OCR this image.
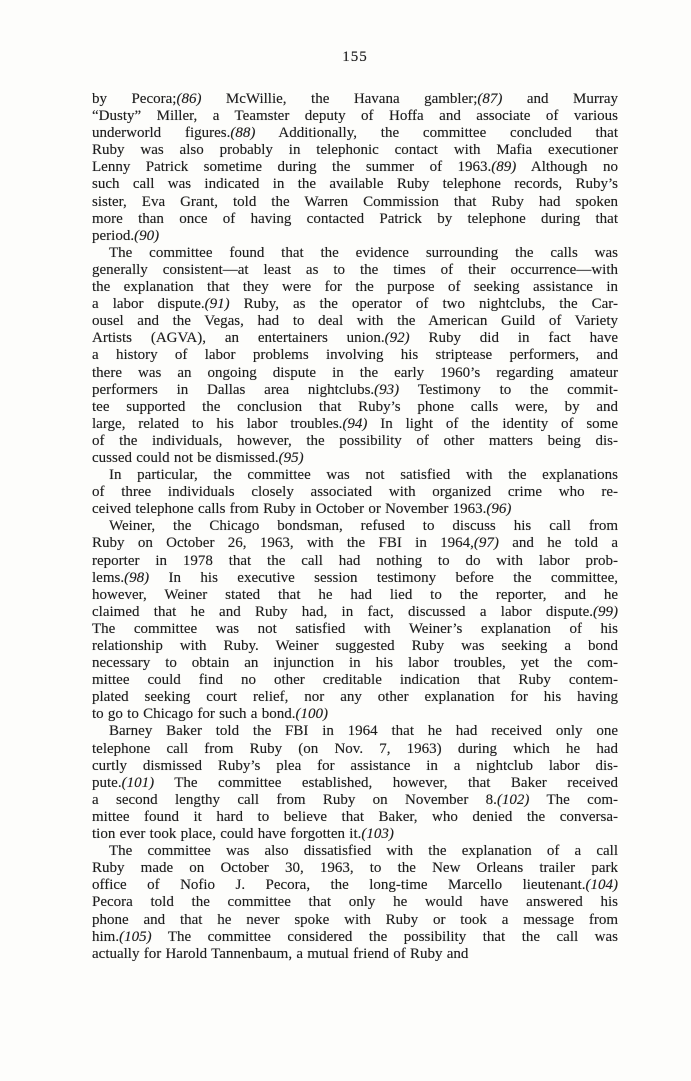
155
by Pecora;(86) McWillie, the Havana gambler;(87) and Murray
“Dusty” Miller, a Teamster deputy of Hoffa and associate of various
underworld figures.(88) Additionally, the committee concluded that
Ruby was also probably in telephonic contact with Mafia executioner
Lenny Patrick sometime during the summer of 1963.(89) Although no
such call was indicated in the available Ruby telephone records, Ruby’s
sister, Eva Grant, told the Warren Commission that Ruby had spoken
more than once of having contacted Patrick by telephone during that
period.(90)
The committee found that the evidence surrounding the calls was
generally consistent—at least as to the times of their occurrence—with
the explanation that they were for the purpose of seeking assistance in
a labor dispute.(91) Ruby, as the operator of two nightclubs, the Car-
ousel and the Vegas, had to deal with the American Guild of Variety
Artists (AGVA), an entertainers union.(92) Ruby did in fact have
a history of labor problems involving his striptease performers, and
there was an ongoing dispute in the early 1960’s regarding amateur
performers in Dallas area nightclubs.(93) Testimony to the commit-
tee supported the conclusion that Ruby’s phone calls were, by and
large, related to his labor troubles.(94) In light of the identity of some
of the individuals, however, the possibility of other matters being dis-
cussed could not be dismissed.(95)
In particular, the committee was not satisfied with the explanations
of three individuals closely associated with organized crime who re-
ceived telephone calls from Ruby in October or November 1963.(96)
Weiner, the Chicago bondsman, refused to discuss his call from
Ruby on October 26, 1963, with the FBI in 1964,(97) and he told a
reporter in 1978 that the call had nothing to do with labor prob-
lems.(98) In his executive session testimony before the committee,
however, Weiner stated that he had lied to the reporter, and he
claimed that he and Ruby had, in fact, discussed a labor dispute.(99)
The committee was not satisfied with Weiner’s explanation of his
relationship with Ruby. Weiner suggested Ruby was seeking a bond
necessary to obtain an injunction in his labor troubles, yet the com-
mittee could find no other creditable indication that Ruby contem-
plated seeking court relief, nor any other explanation for his having
to go to Chicago for such a bond.(100)
Barney Baker told the FBI in 1964 that he had received only one
telephone call from Ruby (on Nov. 7, 1963) during which he had
curtly dismissed Ruby’s plea for assistance in a nightclub labor dis-
pute.(101) The committee established, however, that Baker received
a second lengthy call from Ruby on November 8.(102) The com-
mittee found it hard to believe that Baker, who denied the conversa-
tion ever took place, could have forgotten it.(103)
The committee was also dissatisfied with the explanation of a call
Ruby made on October 30, 1963, to the New Orleans trailer park
office of Nofio J. Pecora, the long-time Marcello lieutenant.(104)
Pecora told the committee that only he would have answered his
phone and that he never spoke with Ruby or took a message from
him.(105) The committee considered the possibility that the call was
actually for Harold Tannenbaum, a mutual friend of Ruby and
